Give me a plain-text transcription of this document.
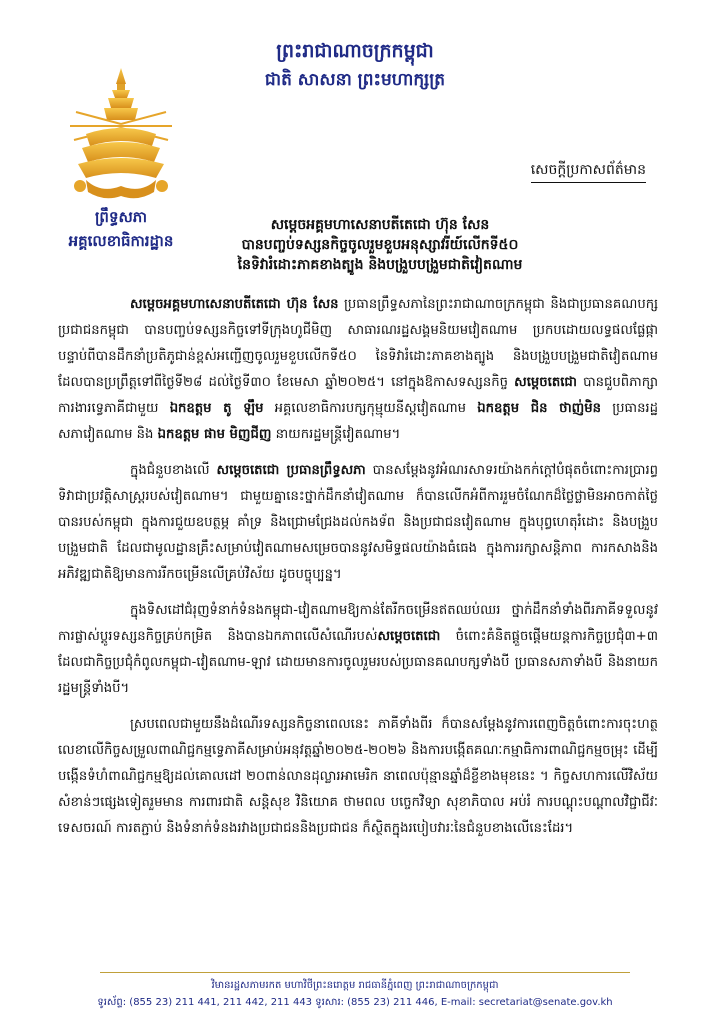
ព្រះរាជាណាចក្រកម្ពុជា
ជាតិ សាសនា ព្រះមហាក្សត្រ
ព្រឹទ្ធសភា
អគ្គលេខាធិការដ្ឋាន
សេចក្ដីប្រកាសព័ត៌មាន
សម្ដេចអគ្គមហាសេនាបតីតេជោ ហ៊ុន សែន
បានបញ្ចប់ទស្សនកិច្ចចូលរួមខួបអនុស្សាវរីយ៍លើកទី៥០
នៃទិវារំដោះភាគខាងត្បូង និងបង្រួបបង្រួមជាតិវៀតណាម

សម្ដេចអគ្គមហាសេនាបតីតេជោ ហ៊ុន សែន ប្រធានព្រឹទ្ធសភានៃព្រះរាជាណាចក្រកម្ពុជា និងជាប្រធានគណបក្សប្រជាជនកម្ពុជា បានបញ្ចប់ទស្សនកិច្ចទៅទីក្រុងហូជីមិញ សាធារណរដ្ឋសង្គមនិយមវៀតណាម ប្រកបដោយលទ្ធផលផ្លែផ្កា បន្ទាប់ពីបានដឹកនាំប្រតិភូជាន់ខ្ពស់អញ្ជើញចូលរួមខួបលើកទី៥០ នៃទិវារំដោះភាគខាងត្បូង និងបង្រួបបង្រួមជាតិវៀតណាម ដែលបានប្រព្រឹត្តទៅពីថ្ងៃទី២៨ ដល់ថ្ងៃទី៣០ ខែមេសា ឆ្នាំ២០២៥។ នៅក្នុងឱកាសទស្សនកិច្ច សម្ដេចតេជោ បានជួបពិភាក្សាការងារទ្វេភាគីជាមួយ ឯកឧត្តម តូ ឡឹម អគ្គលេខាធិការបក្សកុម្មុយនីស្តវៀតណាម ឯកឧត្តម ជិន ថាញ់មិន ប្រធានរដ្ឋសភាវៀតណាម និង ឯកឧត្តម ផាម មិញជីញ នាយករដ្ឋមន្ត្រីវៀតណាម។

ក្នុងជំនួបខាងលើ សម្ដេចតេជោ ប្រធានព្រឹទ្ធសភា បានសម្ដែងនូវអំណរសាទរយ៉ាងកក់ក្ដៅបំផុតចំពោះការប្រារព្ធទិវាជាប្រវត្តិសាស្ត្ររបស់វៀតណាម។ ជាមួយគ្នានេះថ្នាក់ដឹកនាំវៀតណាម ក៏បានលើកអំពីការរួមចំណែកដ៏ថ្លៃថ្លាមិនអាចកាត់ថ្លៃបានរបស់កម្ពុជា ក្នុងការជួយឧបត្ថម្ភ គាំទ្រ និងជ្រោមជ្រែងដល់កងទ័ព និងប្រជាជនវៀតណាម ក្នុងបុព្វហេតុរំដោះ និងបង្រួបបង្រួមជាតិ ដែលជាមូលដ្ឋានគ្រឹះសម្រាប់វៀតណាមសម្រេចបាននូវសមិទ្ធផលយ៉ាងធំធេង ក្នុងការរក្សាសន្តិភាព ការកសាងនិងអភិវឌ្ឍជាតិឱ្យមានការរីកចម្រើនលើគ្រប់វិស័យ ដូចបច្ចុប្បន្ន។

ក្នុងទិសដៅជំរុញទំនាក់ទំនងកម្ពុជា-វៀតណាមឱ្យកាន់តែរីកចម្រើនឥតឈប់ឈរ ថ្នាក់ដឹកនាំទាំងពីរភាគីទទួលនូវការផ្លាស់ប្ដូរទស្សនកិច្ចគ្រប់កម្រិត និងបានឯកភាពលើសំណើរបស់សម្ដេចតេជោ ចំពោះគំនិតផ្ដួចផ្ដើមយន្តការកិច្ចប្រជុំ៣+៣ ដែលជាកិច្ចប្រជុំកំពូលកម្ពុជា-វៀតណាម-ឡាវ ដោយមានការចូលរួមរបស់ប្រធានគណបក្សទាំងបី ប្រធានសភាទាំងបី និងនាយករដ្ឋមន្ត្រីទាំងបី។

ស្របពេលជាមួយនឹងដំណើរទស្សនកិច្ចនាពេលនេះ ភាគីទាំងពីរ ក៏បានសម្ដែងនូវការពេញចិត្តចំពោះការចុះហត្ថលេខាលើកិច្ចសម្រួលពាណិជ្ជកម្មទ្វេភាគីសម្រាប់អនុវត្តឆ្នាំ២០២៥-២០២៦ និងការបង្កើតគណៈកម្មាធិការពាណិជ្ជកម្មចម្រុះ ដើម្បីបង្កើនទំហំពាណិជ្ជកម្មឱ្យដល់គោលដៅ ២០ពាន់លានដុល្លារអាមេរិក នាពេលប៉ុន្មានឆ្នាំដ៏ខ្លីខាងមុខនេះ ។ កិច្ចសហការលើវិស័យសំខាន់ៗផ្សេងទៀតរួមមាន ការពារជាតិ សន្តិសុខ វិនិយោគ ថាមពល បច្ចេកវិទ្យា សុខាភិបាល អប់រំ ការបណ្ដុះបណ្ដាលវិជ្ជាជីវៈ ទេសចរណ៍ ការតភ្ជាប់ និងទំនាក់ទំនងរវាងប្រជាជននិងប្រជាជន ក៏ស្ថិតក្នុងរបៀបវារៈនៃជំនួបខាងលើនេះដែរ។

វិមានរដ្ឋសភាមរកត មហាវិថីព្រះនរោត្តម រាជធានីភ្នំពេញ ព្រះរាជាណាចក្រកម្ពុជា
ទូរស័ព្ទ: (855 23) 211 441, 211 442, 211 443 ទូរសារ: (855 23) 211 446, E-mail: secretariat@senate.gov.kh
